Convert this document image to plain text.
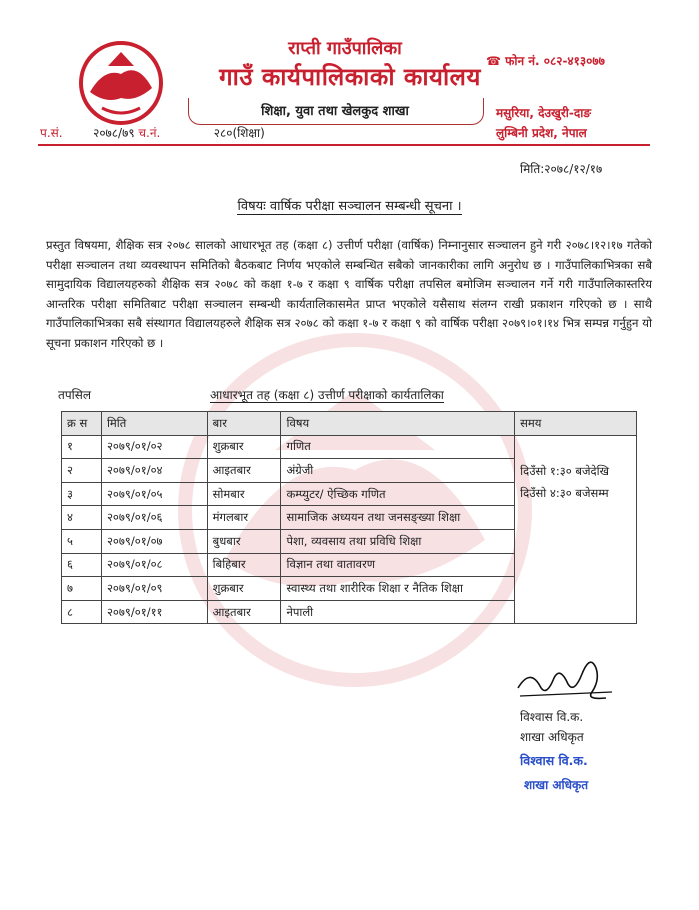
राप्ती गाउँपालिका
गाउँ कार्यपालिकाको कार्यालय
शिक्षा, युवा तथा खेलकुद शाखा
☎ फोन नं. ०८२-४१३०७७
मसुरिया, देउखुरी-दाङ
लुम्बिनी प्रदेश, नेपाल
प.सं.	२०७८/७९ च.नं.	२८०(शिक्षा)
मिति:२०७८/१२/१७
विषयः वार्षिक परीक्षा सञ्चालन सम्बन्धी सूचना ।

प्रस्तुत विषयमा, शैक्षिक सत्र २०७८ सालको आधारभूत तह (कक्षा ८) उत्तीर्ण परीक्षा (वार्षिक) निम्नानुसार सञ्चालन हुने गरी २०७८।१२।१७ गतेको परीक्षा सञ्चालन तथा व्यवस्थापन समितिको बैठकबाट निर्णय भएकोले सम्बन्धित सबैको जानकारीका लागि अनुरोध छ । गाउँपालिकाभित्रका सबै सामुदायिक विद्यालयहरुको शैक्षिक सत्र २०७८ को कक्षा १-७ र कक्षा ९ वार्षिक परीक्षा तपसिल बमोजिम सञ्चालन गर्ने गरी गाउँपालिकास्तरिय आन्तरिक परीक्षा समितिबाट परीक्षा सञ्चालन सम्बन्धी कार्यतालिकासमेत प्राप्त भएकोले यसैसाथ संलग्न राखी प्रकाशन गरिएको छ । साथै गाउँपालिकाभित्रका सबै संस्थागत विद्यालयहरुले शैक्षिक सत्र २०७८ को कक्षा १-७ र कक्षा ९ को वार्षिक परीक्षा २०७९।०१।१४ भित्र सम्पन्न गर्नुहुन यो सूचना प्रकाशन गरिएको छ ।

तपसिल	आधारभूत तह (कक्षा ८) उत्तीर्ण परीक्षाको कार्यतालिका
क्र स	मिति	बार	विषय	समय
१	२०७९/०१/०२	शुक्रबार	गणित	दिउँसो १:३० बजेदेखि
दिउँसो ४:३० बजेसम्म

२	२०७९/०१/०४	आइतबार	अंग्रेजी	
३	२०७९/०१/०५	सोमबार	कम्प्युटर/ ऐच्छिक गणित	
४	२०७९/०१/०६	मंगलबार	सामाजिक अध्ययन तथा जनसङ्ख्या शिक्षा	
५	२०७९/०१/०७	बुधबार	पेशा, व्यवसाय तथा प्रविधि शिक्षा	
६	२०७९/०१/०८	बिहिबार	विज्ञान तथा वातावरण	
७	२०७९/०१/०९	शुक्रबार	स्वास्थ्य तथा शारीरिक शिक्षा र नैतिक शिक्षा	
८	२०७९/०१/११	आइतबार	नेपाली	
विश्वास वि.क.
शाखा अधिकृत
विश्वास वि.क.
शाखा अधिकृत
